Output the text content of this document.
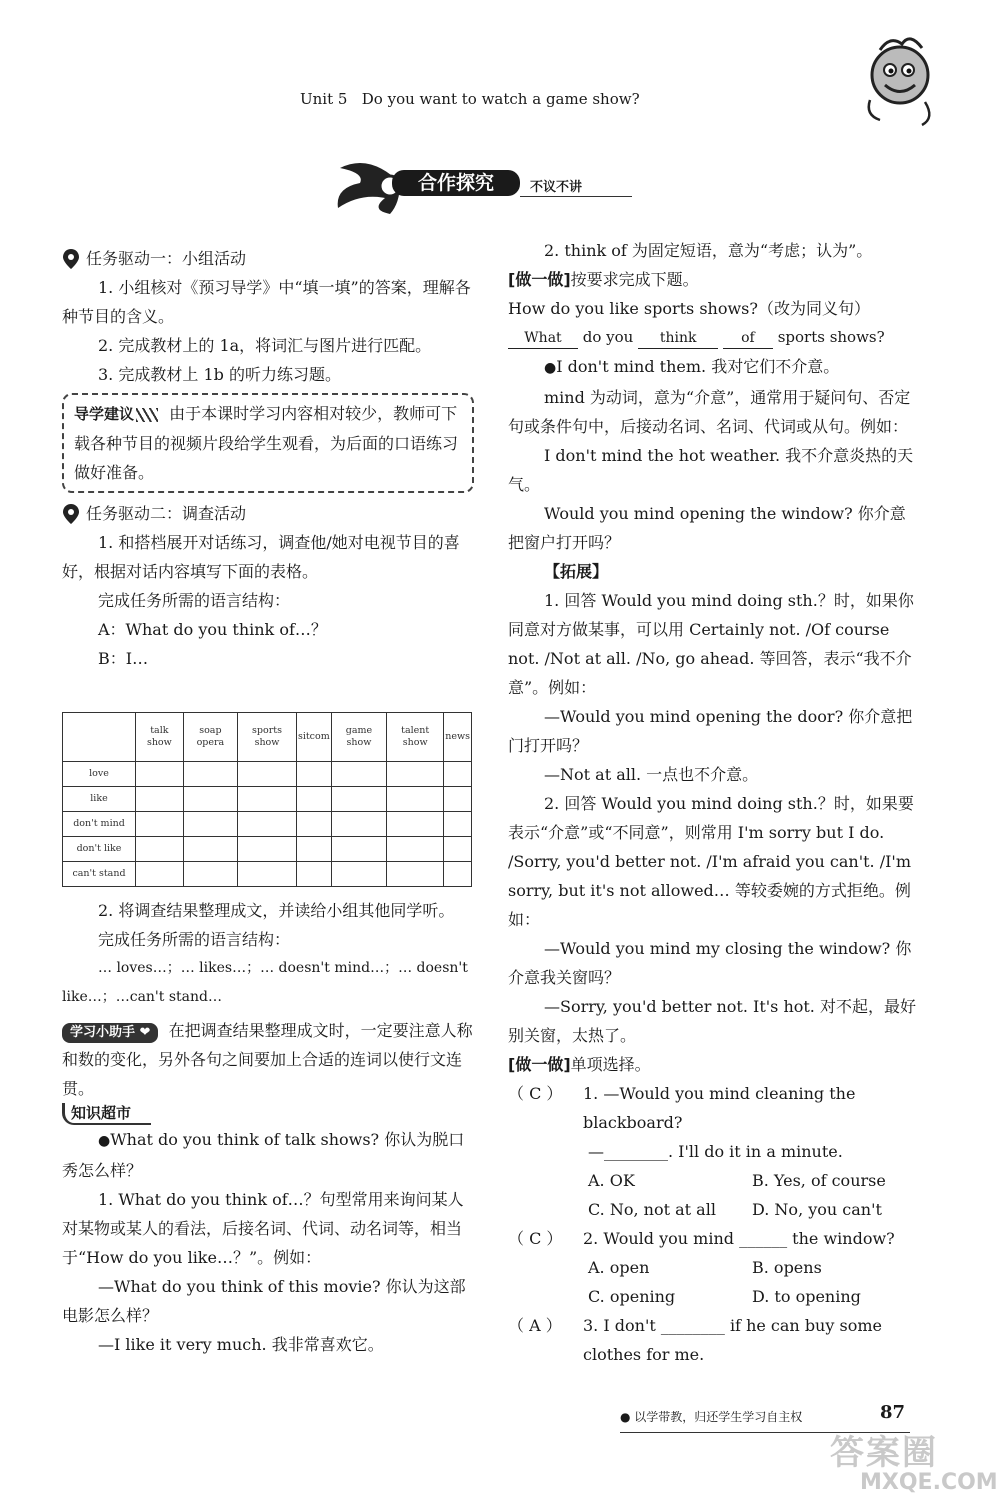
Unit 5 Do you want to watch a game show?
合作探究	不议不讲
任务驱动一：小组活动

1. 小组核对《预习导学》中“填一填”的答案，理解各种节目的含义。

2. 完成教材上的 1a，将词汇与图片进行匹配。

3. 完成教材上 1b 的听力练习题。

导学建议 由于本课时学习内容相对较少，教师可下载各种节目的视频片段给学生观看，为后面的口语练习做好准备。
任务驱动二：调查活动

1. 和搭档展开对话练习，调查他/她对电视节目的喜好，根据对话内容填写下面的表格。

完成任务所需的语言结构：

A：What do you think of…？

B：I…

	talk show	soap opera	sports show	sitcom	game show	talent show	news
love							
like							
don't mind							
don't like							
can't stand							

2. 将调查结果整理成文，并读给小组其他同学听。

完成任务所需的语言结构：

… loves…；… likes…；… doesn't mind…；… doesn't like…；…can't stand…

学习小助手 ❤ 在把调查结果整理成文时，一定要注意人称和数的变化，另外各句之间要加上合适的连词以使行文连贯。

知识超市

●What do you think of talk shows? 你认为脱口秀怎么样？

1. What do you think of…？句型常用来询问某人对某物或某人的看法，后接名词、代词、动名词等，相当于“How do you like…？”。例如：

—What do you think of this movie? 你认为这部电影怎么样？

—I like it very much. 我非常喜欢它。

2. think of 为固定短语，意为“考虑；认为”。

[做一做]按要求完成下题。

How do you like sports shows?（改为同义句）

What do you think	of sports shows?

●I don't mind them. 我对它们不介意。

mind 为动词，意为“介意”，通常用于疑问句、否定句或条件句中，后接动名词、名词、代词或从句。例如：

I don't mind the hot weather. 我不介意炎热的天气。

Would you mind opening the window? 你介意把窗户打开吗？

【拓展】

1. 回答 Would you mind doing sth.？时，如果你同意对方做某事，可以用 Certainly not. /Of course not. /Not at all. /No, go ahead. 等回答，表示“我不介意”。例如：

—Would you mind opening the door? 你介意把门打开吗？

—Not at all. 一点也不介意。

2. 回答 Would you mind doing sth.？时，如果要表示“介意”或“不同意”，则常用 I'm sorry but I do. /Sorry, you'd better not. /I'm afraid you can't. /I'm sorry, but it's not allowed… 等较委婉的方式拒绝。例如：

—Would you mind my closing the window? 你介意我关窗吗？

—Sorry, you'd better not. It's hot. 对不起，最好别关窗，太热了。

[做一做]单项选择。

（ C ）	1. —Would you mind cleaning the blackboard?

—________. I'll do it in a minute.

A. OK	B. Yes, of course
C. No, not at all	D. No, you can't
（ C ）	2. Would you mind ______ the window?
A. open	B. opens
C. opening	D. to opening
（ A ）	3. I don't ________ if he can buy some clothes for me.
● 以学带教，归还学生学习自主权	87
答案圈
MXQE.COM
